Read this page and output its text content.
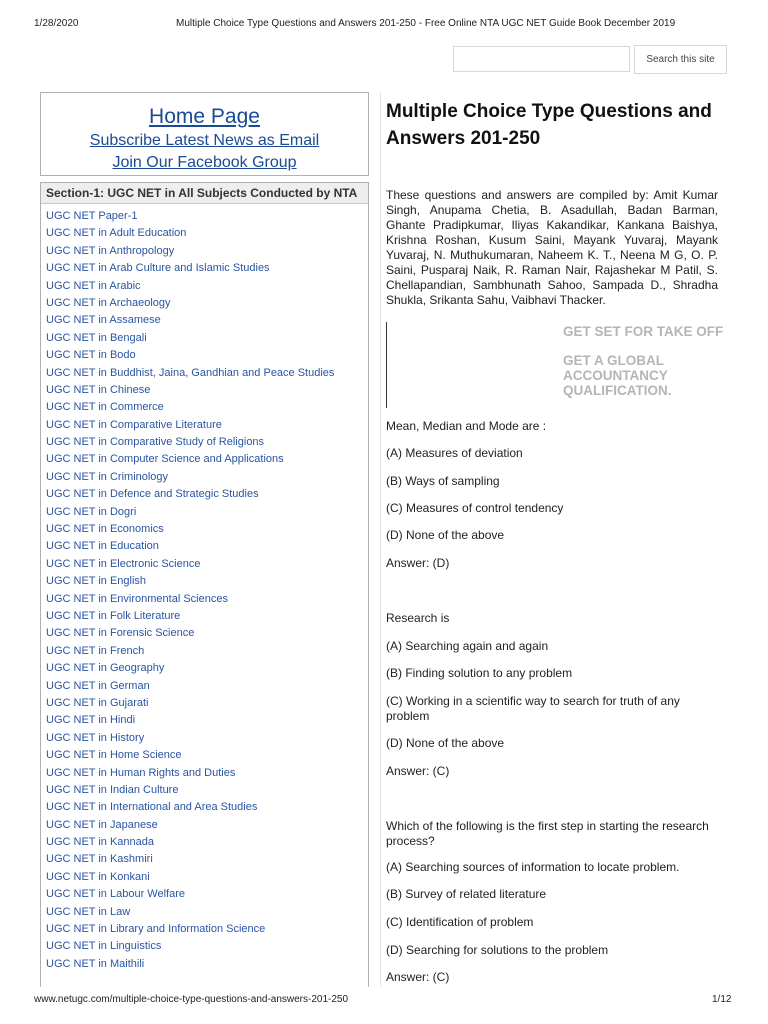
1/28/2020	Multiple Choice Type Questions and Answers 201-250 - Free Online NTA UGC NET Guide Book December 2019
Search this site
Home Page
Subscribe Latest News as Email
Join Our Facebook Group
Section-1: UGC NET in All Subjects Conducted by NTA
UGC NET Paper-1
UGC NET in Adult Education
UGC NET in Anthropology
UGC NET in Arab Culture and Islamic Studies
UGC NET in Arabic
UGC NET in Archaeology
UGC NET in Assamese
UGC NET in Bengali
UGC NET in Bodo
UGC NET in Buddhist, Jaina, Gandhian and Peace Studies
UGC NET in Chinese
UGC NET in Commerce
UGC NET in Comparative Literature
UGC NET in Comparative Study of Religions
UGC NET in Computer Science and Applications
UGC NET in Criminology
UGC NET in Defence and Strategic Studies
UGC NET in Dogri
UGC NET in Economics
UGC NET in Education
UGC NET in Electronic Science
UGC NET in English
UGC NET in Environmental Sciences
UGC NET in Folk Literature
UGC NET in Forensic Science
UGC NET in French
UGC NET in Geography
UGC NET in German
UGC NET in Gujarati
UGC NET in Hindi
UGC NET in History
UGC NET in Home Science
UGC NET in Human Rights and Duties
UGC NET in Indian Culture
UGC NET in International and Area Studies
UGC NET in Japanese
UGC NET in Kannada
UGC NET in Kashmiri
UGC NET in Konkani
UGC NET in Labour Welfare
UGC NET in Law
UGC NET in Library and Information Science
UGC NET in Linguistics
UGC NET in Maithili
Multiple Choice Type Questions and Answers 201-250
These questions and answers are compiled by: Amit Kumar Singh, Anupama Chetia, B. Asadullah, Badan Barman, Ghante Pradipkumar, Iliyas Kakandikar, Kankana Baishya, Krishna Roshan, Kusum Saini, Mayank Yuvaraj, Mayank Yuvaraj, N. Muthukumaran, Naheem K. T., Neena M G, O. P. Saini, Pusparaj Naik, R. Raman Nair, Rajashekar M Patil, S. Chellapandian, Sambhunath Sahoo, Sampada D., Shradha Shukla, Srikanta Sahu, Vaibhavi Thacker.
GET SET FOR TAKE OFF
GET A GLOBAL ACCOUNTANCY QUALIFICATION.
Mean, Median and Mode are :
(A) Measures of deviation
(B) Ways of sampling
(C) Measures of control tendency
(D) None of the above
Answer: (D)
Research is
(A) Searching again and again
(B) Finding solution to any problem
(C) Working in a scientific way to search for truth of any problem
(D) None of the above
Answer: (C)
Which of the following is the first step in starting the research process?
(A) Searching sources of information to locate problem.
(B) Survey of related literature
(C) Identification of problem
(D) Searching for solutions to the problem
Answer: (C)
www.netugc.com/multiple-choice-type-questions-and-answers-201-250	1/12
